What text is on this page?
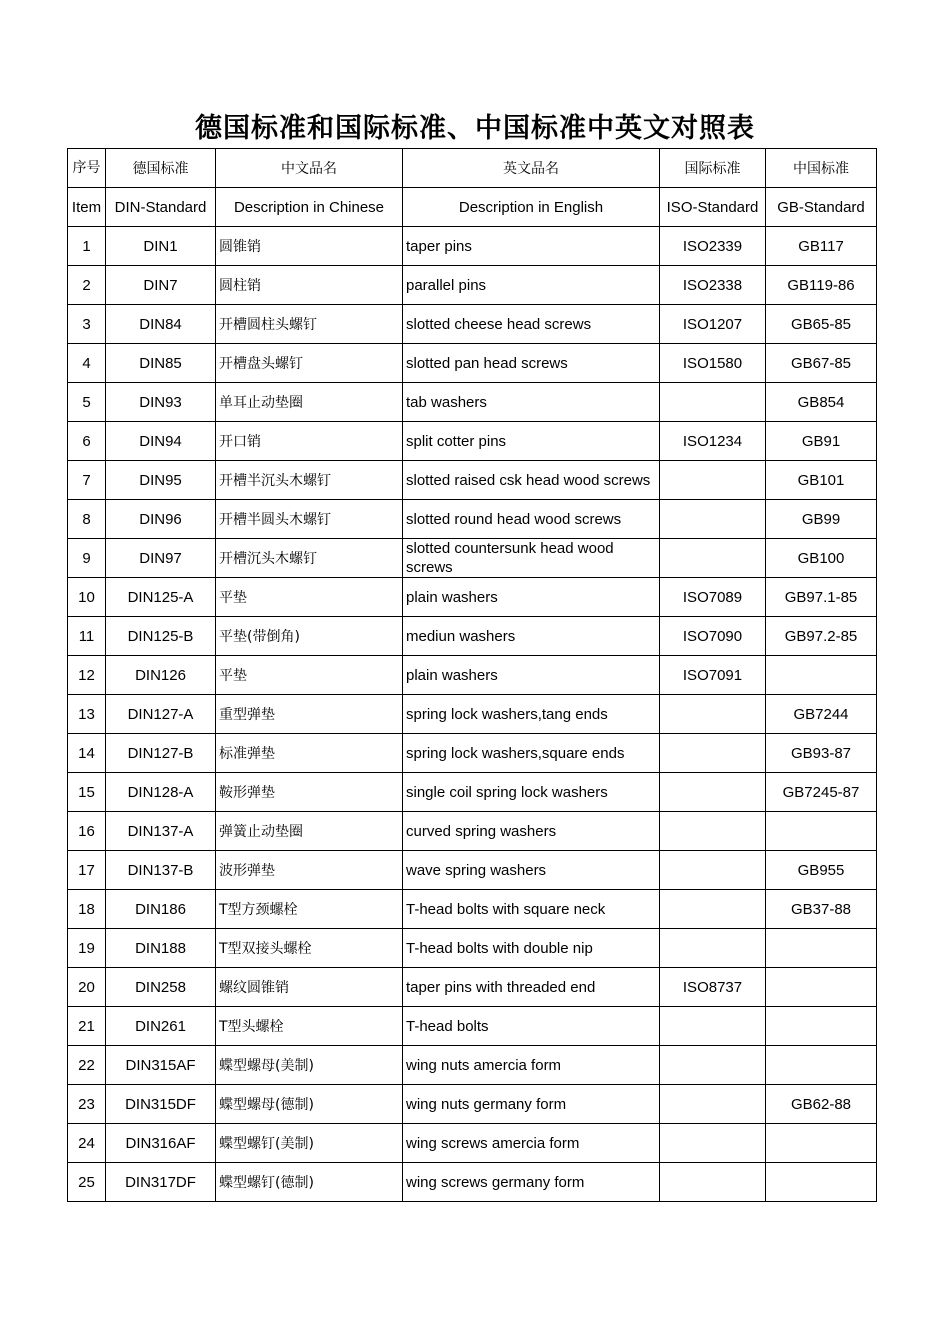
德国标准和国际标准、中国标准中英文对照表
序号	德国标准	中文品名	英文品名	国际标准	中国标准
Item	DIN-Standard	Description in Chinese	Description in English	ISO-Standard	GB-Standard
1	DIN1	圆锥销	taper pins	ISO2339	GB117
2	DIN7	圆柱销	parallel pins	ISO2338	GB119-86
3	DIN84	开槽圆柱头螺钉	slotted cheese head screws	ISO1207	GB65-85
4	DIN85	开槽盘头螺钉	slotted pan head screws	ISO1580	GB67-85
5	DIN93	单耳止动垫圈	tab washers		GB854
6	DIN94	开口销	split cotter pins	ISO1234	GB91
7	DIN95	开槽半沉头木螺钉	slotted raised csk head wood screws		GB101
8	DIN96	开槽半圆头木螺钉	slotted round head wood screws		GB99
9	DIN97	开槽沉头木螺钉	slotted countersunk head wood screws		GB100
10	DIN125-A	平垫	plain washers	ISO7089	GB97.1-85
11	DIN125-B	平垫(带倒角)	mediun washers	ISO7090	GB97.2-85
12	DIN126	平垫	plain washers	ISO7091	
13	DIN127-A	重型弹垫	spring lock washers,tang ends		GB7244
14	DIN127-B	标准弹垫	spring lock washers,square ends		GB93-87
15	DIN128-A	鞍形弹垫	single coil spring lock washers		GB7245-87
16	DIN137-A	弹簧止动垫圈	curved spring washers		
17	DIN137-B	波形弹垫	wave spring washers		GB955
18	DIN186	T型方颈螺栓	T-head bolts with square neck		GB37-88
19	DIN188	T型双接头螺栓	T-head bolts with double nip		
20	DIN258	螺纹圆锥销	taper pins with threaded end	ISO8737	
21	DIN261	T型头螺栓	T-head bolts		
22	DIN315AF	蝶型螺母(美制)	wing nuts amercia form		
23	DIN315DF	蝶型螺母(德制)	wing nuts germany form		GB62-88
24	DIN316AF	蝶型螺钉(美制)	wing screws amercia form		
25	DIN317DF	蝶型螺钉(德制)	wing screws germany form		
